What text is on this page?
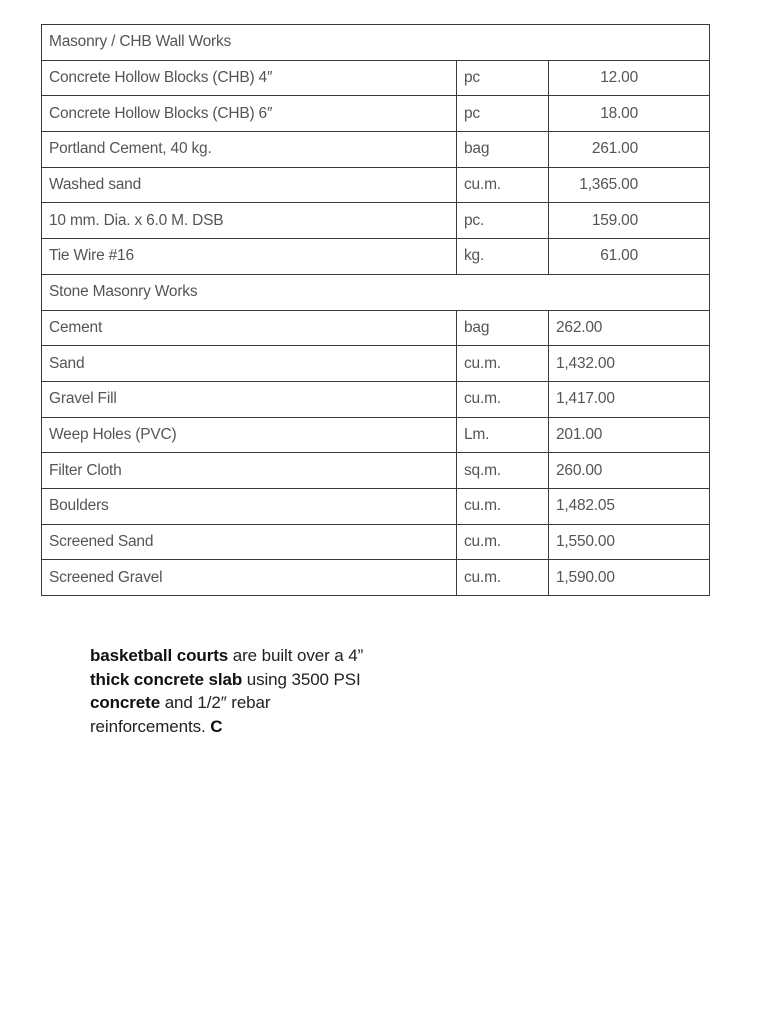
Masonry / CHB Wall Works		
Concrete Hollow Blocks (CHB) 4″	pc	12.00
Concrete Hollow Blocks (CHB) 6″	pc	18.00
Portland Cement, 40 kg.	bag	261.00
Washed sand	cu.m.	1,365.00
10 mm. Dia. x 6.0 M. DSB	pc.	159.00
Tie Wire #16	kg.	61.00
Stone Masonry Works		
Cement	bag	262.00
Sand	cu.m.	1,432.00
Gravel Fill	cu.m.	1,417.00
Weep Holes (PVC)	Lm.	201.00
Filter Cloth	sq.m.	260.00
Boulders	cu.m.	1,482.05
Screened Sand	cu.m.	1,550.00
Screened Gravel	cu.m.	1,590.00

basketball courts are built over a 4” thick concrete slab using 3500 PSI concrete and 1/2″ rebar reinforcements. C
